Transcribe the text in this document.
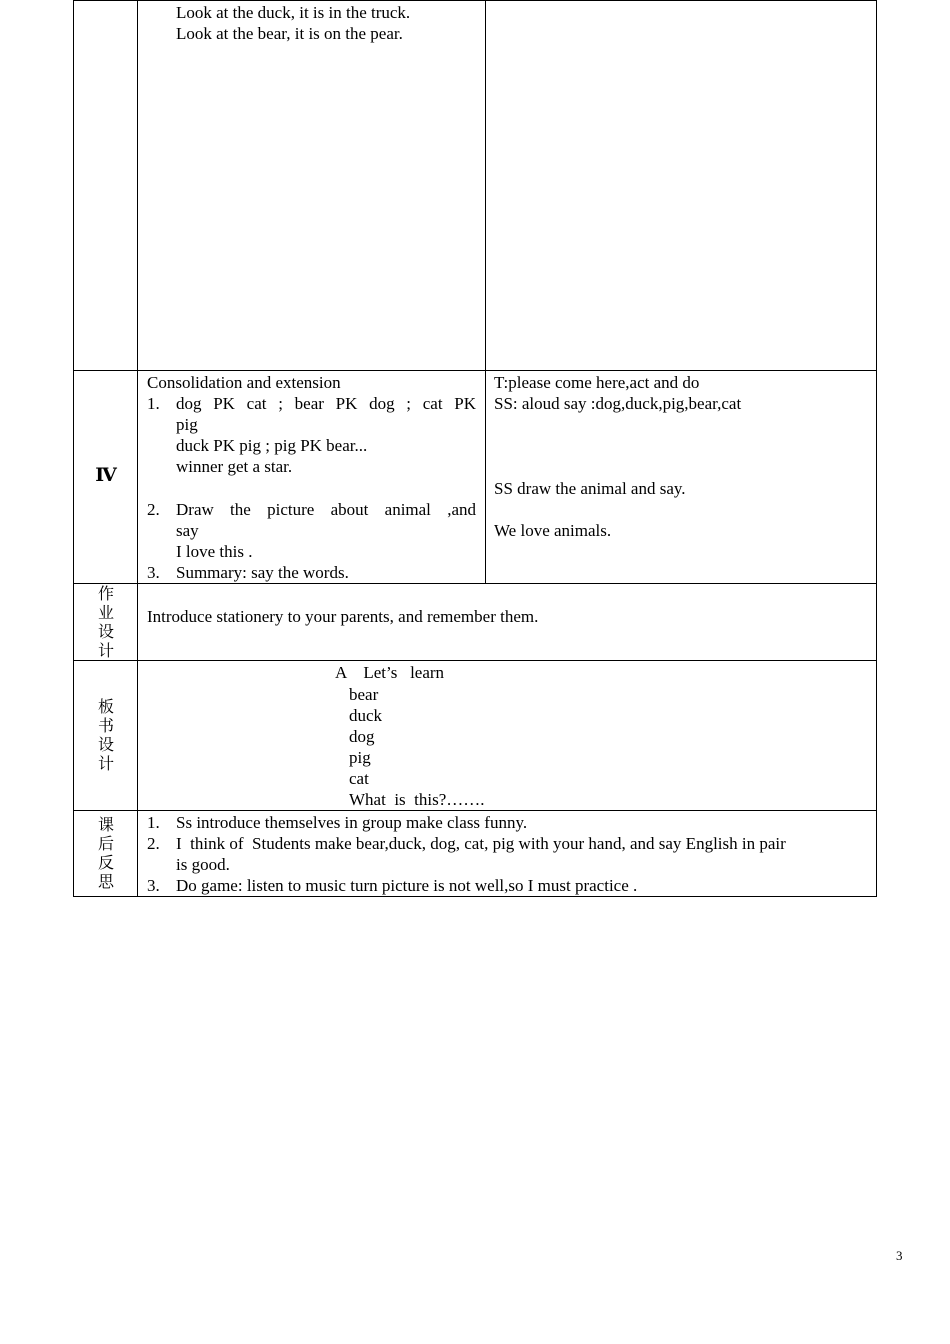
Look at the duck, it is in the truck.
Look at the bear, it is on the pear.
Ⅳ
Consolidation and extension
1. dog PK cat ; bear PK dog ; cat PK
pig
duck PK pig ; pig PK bear...
winner get a star.
2. Draw the picture about animal ,and
say
I love this .
3. Summary: say the words.
T:please come here,act and do
SS: aloud say :dog,duck,pig,bear,cat
SS draw the animal and say.
We love animals.
作
业
设
计
Introduce stationery to your parents, and remember them.
板
书
设
计
A    Let’s   learn
bear
duck
dog
pig
cat
What  is  this?…….
课
后
反
思
1. Ss introduce themselves in group make class funny.
2. I  think of  Students make bear,duck, dog, cat, pig with your hand, and say English in pair
is good.
3. Do game: listen to music turn picture is not well,so I must practice .
3
